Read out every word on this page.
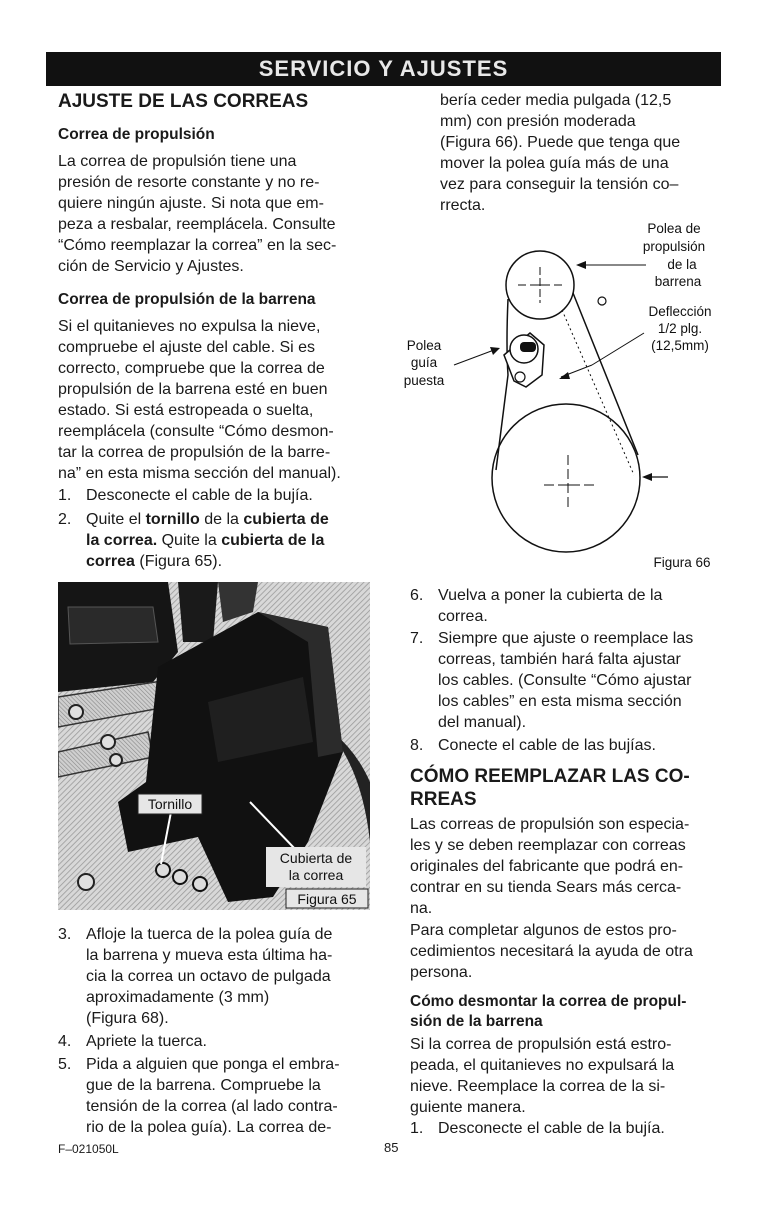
SERVICIO Y AJUSTES
AJUSTE DE LAS CORREAS
Correa de propulsión
La correa de propulsión tiene una
presión de resorte constante y no re-
quiere ningún ajuste. Si nota que em-
peza a resbalar, reemplácela. Consulte
“Cómo reemplazar la correa” en la sec-
ción de Servicio y Ajustes.
Correa de propulsión de la barrena
Si el quitanieves no expulsa la nieve,
compruebe el ajuste del cable. Si es
correcto, compruebe que la correa de
propulsión de la barrena esté en buen
estado. Si está estropeada o suelta,
reemplácela (consulte “Cómo desmon-
tar la correa de propulsión de la barre-
na” en esta misma sección del manual).
1. Desconecte el cable de la bujía.
2. Quite el tornillo de la cubierta de
la correa. Quite la cubierta de la
correa (Figura 65).
Tornillo
Cubierta de
la correa
Figura 65
3. Afloje la tuerca de la polea guía de
la barrena y mueva esta última ha-
cia la correa un octavo de pulgada
aproximadamente (3 mm)
(Figura 68).
4. Apriete la tuerca.
5. Pida a alguien que ponga el embra-
gue de la barrena. Compruebe la
tensión de la correa (al lado contra-
rio de la polea guía). La correa de-
bería ceder media pulgada (12,5
mm) con presión moderada
(Figura 66). Puede que tenga que
mover la polea guía más de una
vez para conseguir la tensión co–
rrecta.
Polea de
propulsión
de la
barrena
Deflección
1/2 plg.
(12,5mm)
Polea
guía
puesta
Figura 66
6. Vuelva a poner la cubierta de la
correa.
7. Siempre que ajuste o reemplace las
correas, también hará falta ajustar
los cables. (Consulte “Cómo ajustar
los cables” en esta misma sección
del manual).
8. Conecte el cable de las bujías.
CÓMO REEMPLAZAR LAS CO-
RREAS
Las correas de propulsión son especia-
les y se deben reemplazar con correas
originales del fabricante que podrá en-
contrar en su tienda Sears más cerca-
na.
Para completar algunos de estos pro-
cedimientos necesitará la ayuda de otra
persona.
Cómo desmontar la correa de propul-
sión de la barrena
Si la correa de propulsión está estro-
peada, el quitanieves no expulsará la
nieve. Reemplace la correa de la si-
guiente manera.
1. Desconecte el cable de la bujía.
F–021050L	85
